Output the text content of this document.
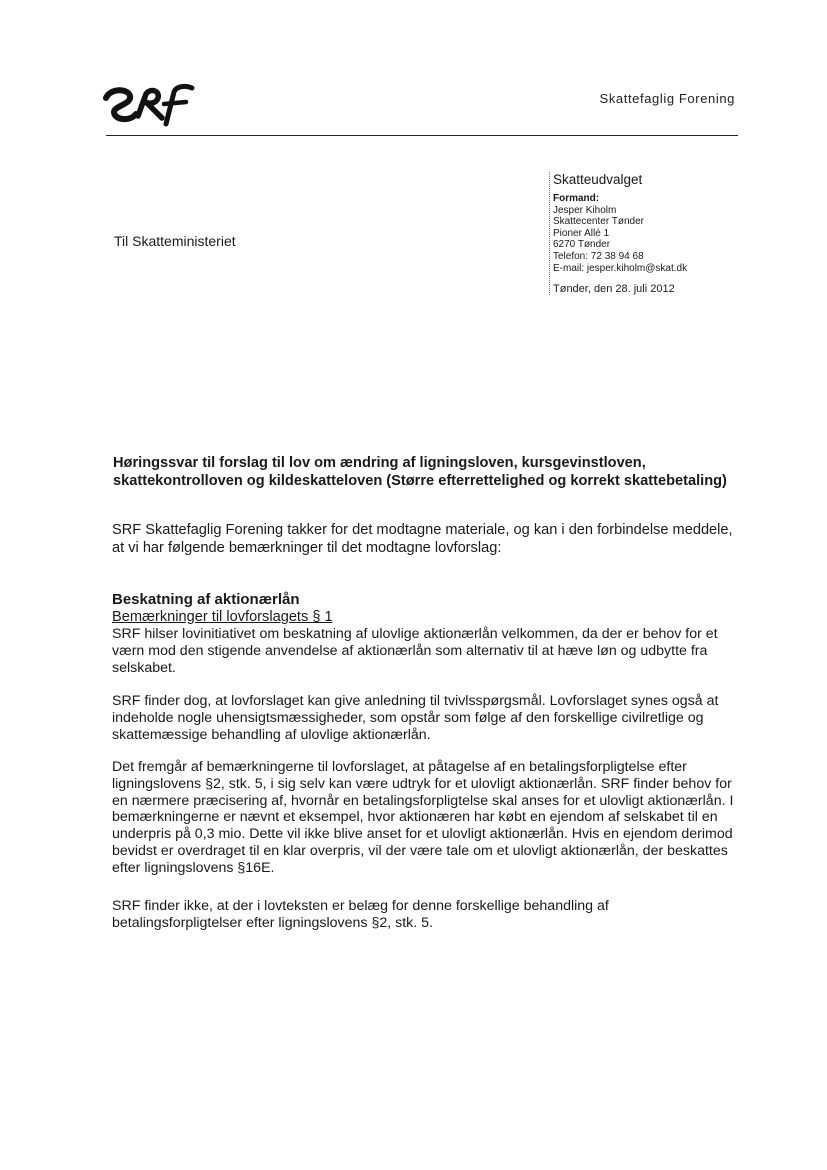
Skattefaglig Forening
Til Skatteministeriet
Skatteudvalget
Formand:
Jesper Kiholm
Skattecenter Tønder
Pioner Allé 1
6270 Tønder
Telefon: 72 38 94 68
E-mail: jesper.kiholm@skat.dk
Tønder, den 28. juli 2012
Høringssvar til forslag til lov om ændring af ligningsloven, kursgevinstloven, skattekontrolloven og kildeskatteloven (Større efterrettelighed og korrekt skattebetaling)
SRF Skattefaglig Forening takker for det modtagne materiale, og kan i den forbindelse meddele, at vi har følgende bemærkninger til det modtagne lovforslag:
Beskatning af aktionærlån
Bemærkninger til lovforslagets § 1
SRF hilser lovinitiativet om beskatning af ulovlige aktionærlån velkommen, da der er behov for et værn mod den stigende anvendelse af aktionærlån som alternativ til at hæve løn og udbytte fra selskabet.
SRF finder dog, at lovforslaget kan give anledning til tvivlsspørgsmål. Lovforslaget synes også at indeholde nogle uhensigtsmæssigheder, som opstår som følge af den forskellige civilretlige og skattemæssige behandling af ulovlige aktionærlån.
Det fremgår af bemærkningerne til lovforslaget, at påtagelse af en betalingsforpligtelse efter ligningslovens §2, stk. 5, i sig selv kan være udtryk for et ulovligt aktionærlån. SRF finder behov for en nærmere præcisering af, hvornår en betalingsforpligtelse skal anses for et ulovligt aktionærlån. I bemærkningerne er nævnt et eksempel, hvor aktionæren har købt en ejendom af selskabet til en underpris på 0,3 mio. Dette vil ikke blive anset for et ulovligt aktionærlån. Hvis en ejendom derimod bevidst er overdraget til en klar overpris, vil der være tale om et ulovligt aktionærlån, der beskattes efter ligningslovens §16E.
SRF finder ikke, at der i lovteksten er belæg for denne forskellige behandling af betalingsforpligtelser efter ligningslovens §2, stk. 5.
